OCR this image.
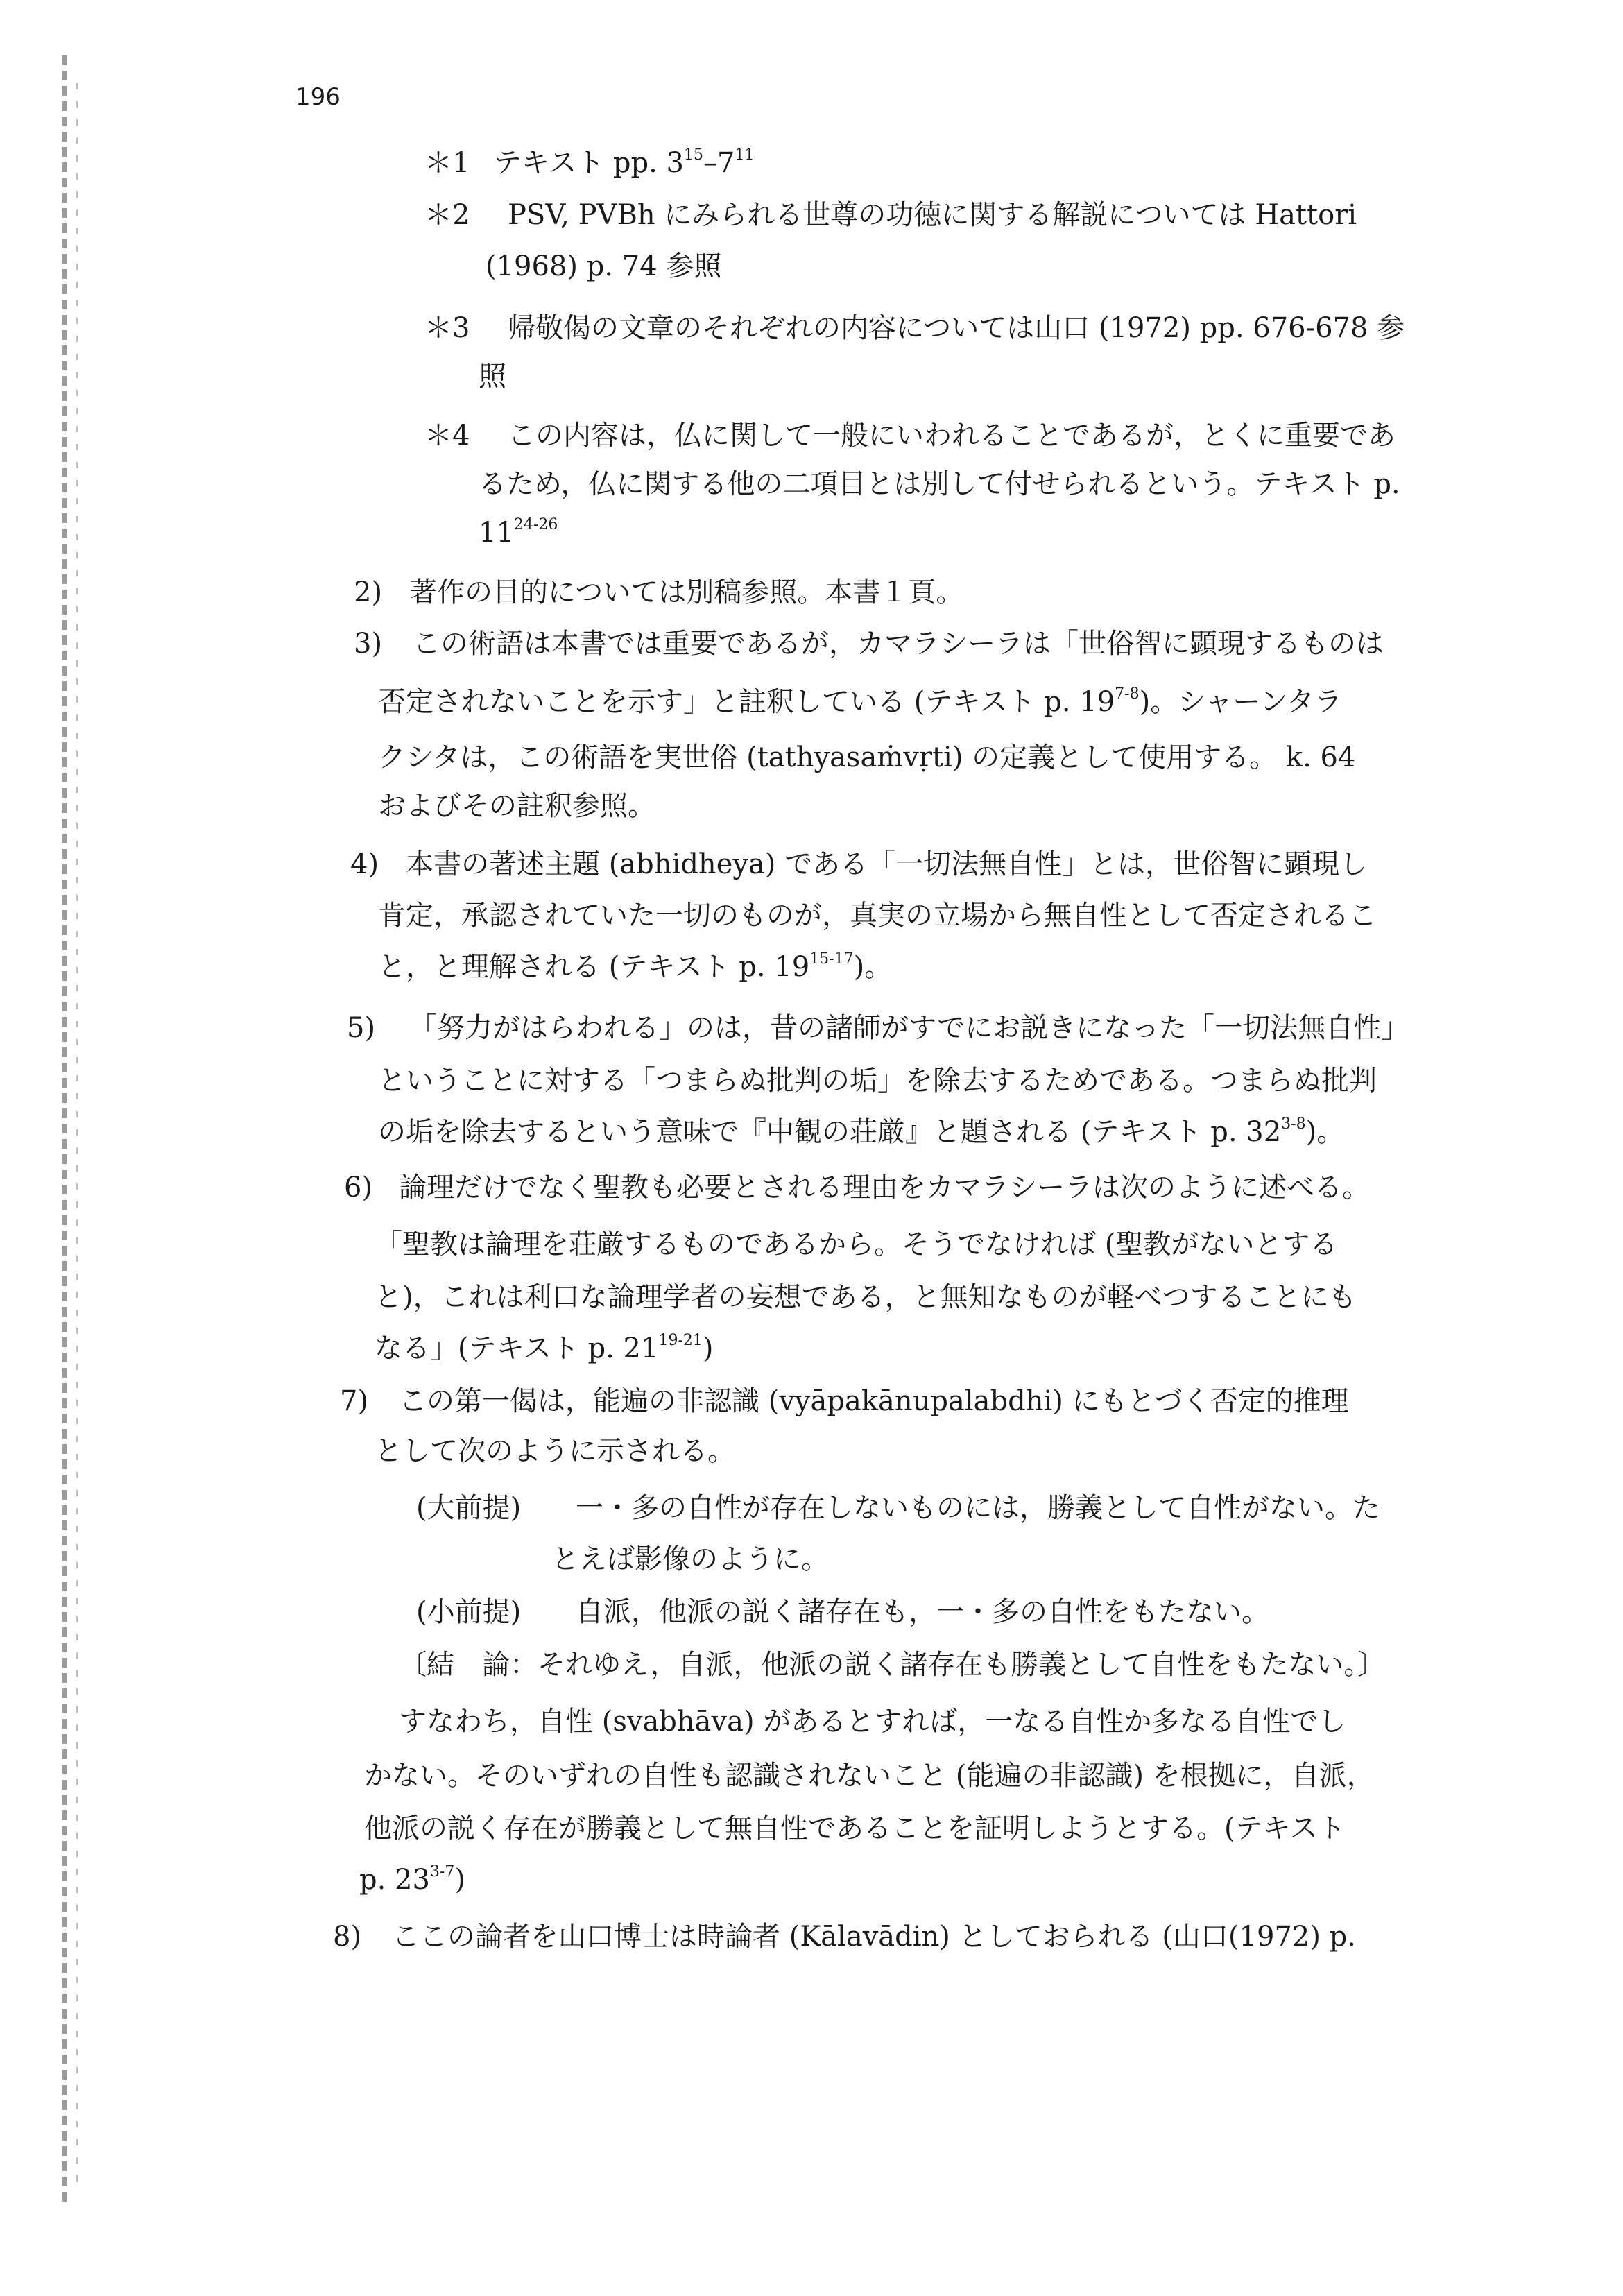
196
＊1 テキスト pp. $3^{15}-7^{11}$
＊2 PSV, PVBh にみられる世尊の功徳に関する解説については Hattori
(1968) p. 74 参照
＊3 帰敬偈の文章のそれぞれの内容については山口 (1972) pp. 676-678 参
照
＊4 この内容は，仏に関して一般にいわれることであるが，とくに重要であ
るため，仏に関する他の二項目とは別して付せられるという。テキスト p.
11$^{24-26}$
2) 著作の目的については別稿参照。本書１頁。
3) この術語は本書では重要であるが，カマラシーラは「世俗智に顕現するものは
否定されないことを示す」と註釈している (テキスト p. 19$^{7-8}$)。シャーンタラ
クシタは，この術語を実世俗 (tathyasaṁvṛti) の定義として使用する。 k. 64
およびその註釈参照。
4) 本書の著述主題 (abhidheya) である「一切法無自性」とは，世俗智に顕現し
肯定，承認されていた一切のものが，真実の立場から無自性として否定されるこ
と，と理解される (テキスト p. 19$^{15-17}$)。
5) 「努力がはらわれる」のは，昔の諸師がすでにお説きになった「一切法無自性」
ということに対する「つまらぬ批判の垢」を除去するためである。つまらぬ批判
の垢を除去するという意味で『中観の荘厳』と題される (テキスト p. 32$^{3-8}$)。
6) 論理だけでなく聖教も必要とされる理由をカマラシーラは次のように述べる。
「聖教は論理を荘厳するものであるから。そうでなければ (聖教がないとする
と)，これは利口な論理学者の妄想である，と無知なものが軽べつすることにも
なる」(テキスト p. 21$^{19-21}$)
7) この第一偈は，能遍の非認識 (vyāpakānupalabdhi) にもとづく否定的推理
として次のように示される。
(大前提) 一・多の自性が存在しないものには，勝義として自性がない。た
とえば影像のように。
(小前提) 自派，他派の説く諸存在も，一・多の自性をもたない。
〔結　論：それゆえ，自派，他派の説く諸存在も勝義として自性をもたない。〕
すなわち，自性 (svabhāva) があるとすれば，一なる自性か多なる自性でし
かない。そのいずれの自性も認識されないこと (能遍の非認識) を根拠に，自派，
他派の説く存在が勝義として無自性であることを証明しようとする。(テキスト
p. 23$^{3-7}$)
8) ここの論者を山口博士は時論者 (Kālavādin) としておられる (山口(1972) p.
